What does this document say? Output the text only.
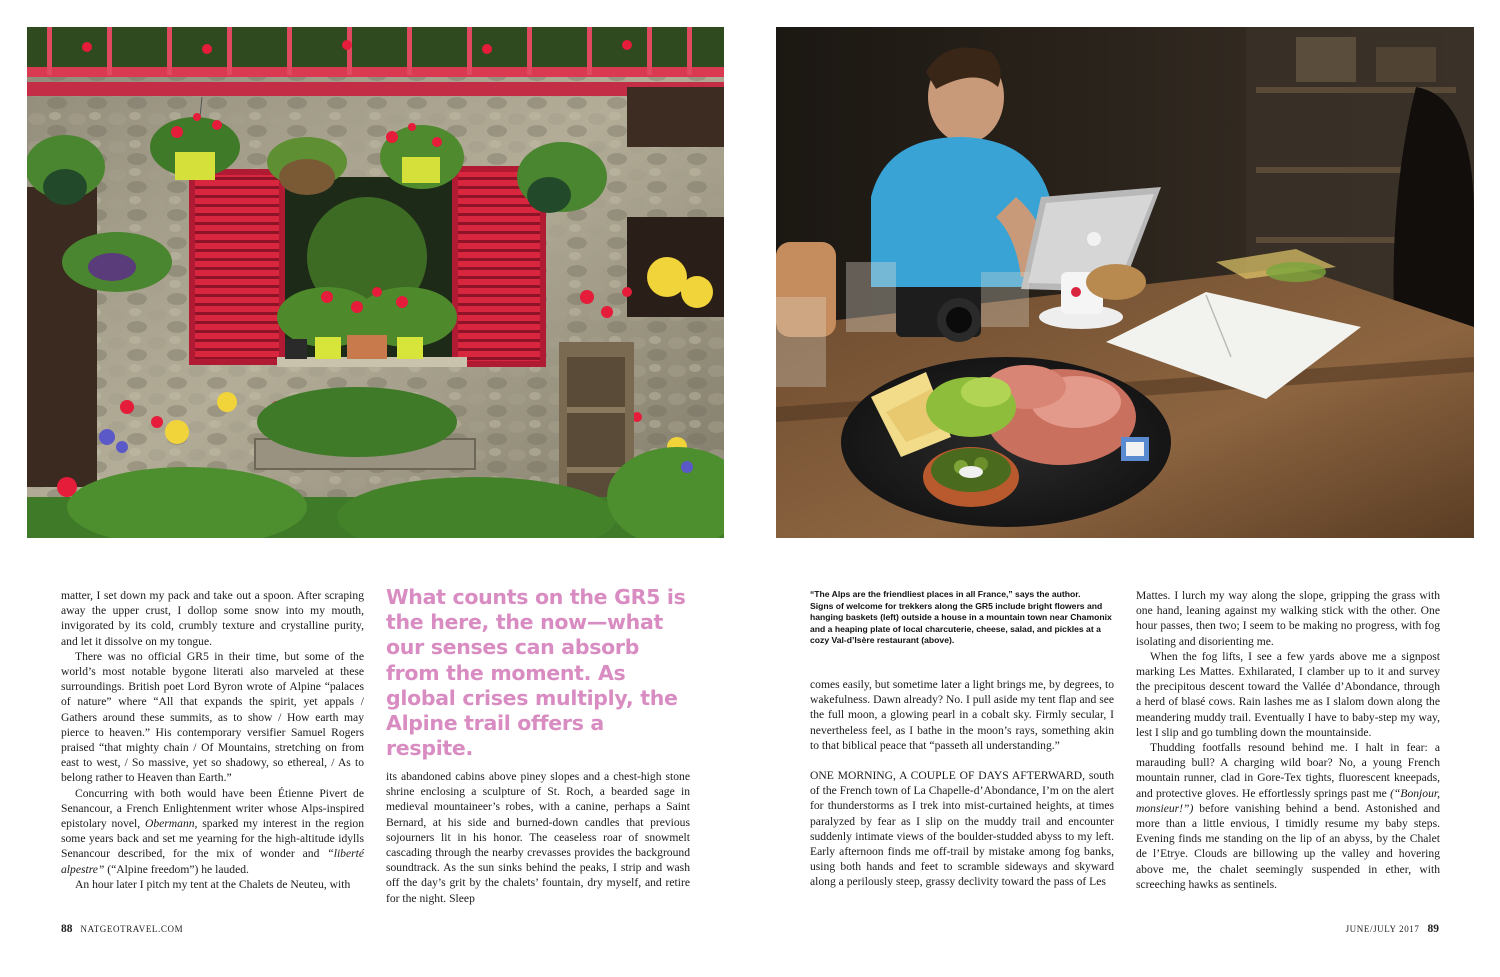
matter, I set down my pack and take out a spoon. After scraping away the upper crust, I dollop some snow into my mouth, invigorated by its cold, crumbly texture and crystalline purity, and let it dissolve on my tongue.

There was no official GR5 in their time, but some of the world’s most notable bygone literati also marveled at these surroundings. British poet Lord Byron wrote of Alpine “palaces of nature” where “All that expands the spirit, yet appals / Gathers around these summits, as to show / How earth may pierce to heaven.” His contemporary versifier Samuel Rogers praised “that mighty chain / Of Mountains, stretching on from east to west, / So massive, yet so shadowy, so ethereal, / As to belong rather to Heaven than Earth.”

Concurring with both would have been Étienne Pivert de Senancour, a French Enlightenment writer whose Alps-inspired epistolary novel, Obermann, sparked my interest in the region some years back and set me yearning for the high-altitude idylls Senancour described, for the mix of wonder and “liberté alpestre” (“Alpine freedom”) he lauded.

An hour later I pitch my tent at the Chalets de Neuteu, with

What counts on the GR5 is the here, the now—what our senses can absorb from the moment. As global crises multiply, the Alpine trail offers a respite.

its abandoned cabins above piney slopes and a chest-high stone shrine enclosing a sculpture of St. Roch, a bearded sage in medieval mountaineer’s robes, with a canine, perhaps a Saint Bernard, at his side and burned-down candles that previous sojourners lit in his honor. The ceaseless roar of snowmelt cascading through the nearby crevasses provides the background soundtrack. As the sun sinks behind the peaks, I strip and wash off the day’s grit by the chalets’ fountain, dry myself, and retire for the night. Sleep

“The Alps are the friendliest places in all France,” says the author.

Signs of welcome for trekkers along the GR5 include bright flowers and hanging baskets (left) outside a house in a mountain town near Chamonix and a heaping plate of local charcuterie, cheese, salad, and pickles at a cozy Val-d’Isère restaurant (above).

comes easily, but sometime later a light brings me, by degrees, to wakefulness. Dawn already? No. I pull aside my tent flap and see the full moon, a glowing pearl in a cobalt sky. Firmly secular, I nevertheless feel, as I bathe in the moon’s rays, something akin to that biblical peace that “passeth all understanding.”

ONE MORNING, A COUPLE OF DAYS AFTERWARD, south of the French town of La Chapelle-d’Abondance, I’m on the alert for thunderstorms as I trek into mist-curtained heights, at times paralyzed by fear as I slip on the muddy trail and encounter suddenly intimate views of the boulder-studded abyss to my left. Early afternoon finds me off-trail by mistake among fog banks, using both hands and feet to scramble sideways and skyward along a perilously steep, grassy declivity toward the pass of Les

Mattes. I lurch my way along the slope, gripping the grass with one hand, leaning against my walking stick with the other. One hour passes, then two; I seem to be making no progress, with fog isolating and disorienting me.

When the fog lifts, I see a few yards above me a signpost marking Les Mattes. Exhilarated, I clamber up to it and survey the precipitous descent toward the Vallée d’Abondance, through a herd of blasé cows. Rain lashes me as I slalom down along the meandering muddy trail. Eventually I have to baby-step my way, lest I slip and go tumbling down the mountainside.

Thudding footfalls resound behind me. I halt in fear: a marauding bull? A charging wild boar? No, a young French mountain runner, clad in Gore-Tex tights, fluorescent kneepads, and protective gloves. He effortlessly springs past me (“Bonjour, monsieur!”) before vanishing behind a bend. Astonished and more than a little envious, I timidly resume my baby steps. Evening finds me standing on the lip of an abyss, by the Chalet de l’Etrye. Clouds are billowing up the valley and hovering above me, the chalet seemingly suspended in ether, with screeching hawks as sentinels.

88 NATGEOTRAVEL.COM	JUNE/JULY 2017 89
